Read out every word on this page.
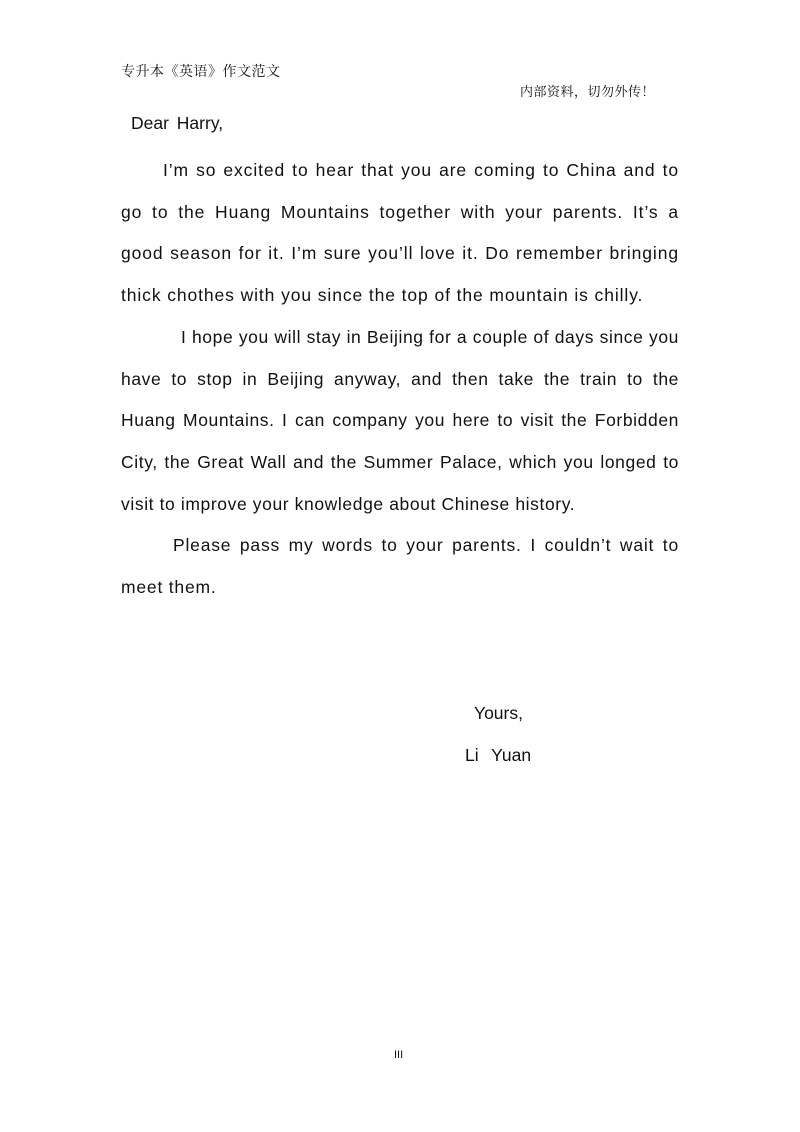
专升本《英语》作文范文
内部资料，切勿外传！
Dear Harry,

I’m so excited to hear that you are coming to China and to go to the Huang Mountains together with your parents. It’s a good season for it. I’m sure you’ll love it. Do remember bringing thick chothes with you since the top of the mountain is chilly.

I hope you will stay in Beijing for a couple of days since you have to stop in Beijing anyway, and then take the train to the Huang Mountains. I can company you here to visit the Forbidden City, the Great Wall and the Summer Palace, which you longed to visit to improve your knowledge about Chinese history.

Please pass my words to your parents. I couldn’t wait to meet them.

Yours,
Li Yuan
III
